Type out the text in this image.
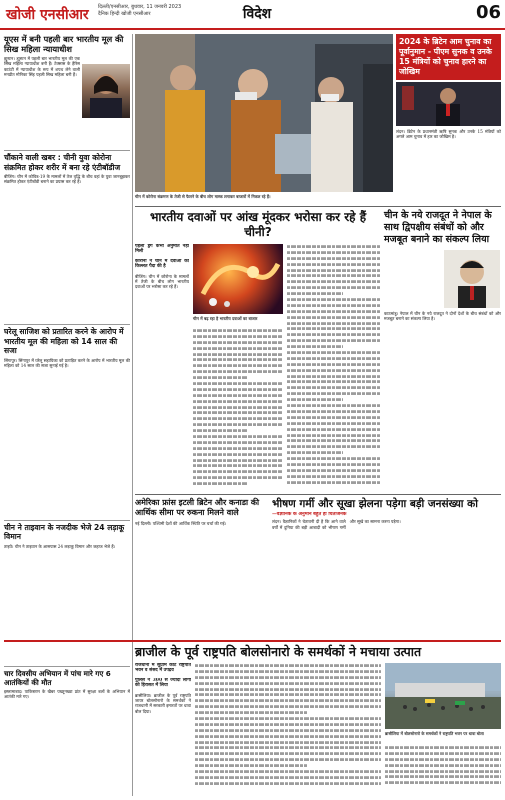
खोजी एनसीआर दिल्ली/एनसीआर, बुधवार, 11 जनवरी 2023
दैनिक हिन्दी खोजी एनसीआर	विदेश	06
यूएस में बनी पहली बार भारतीय मूल की सिख महिला न्यायाधीश
ह्यूस्टन। ह्यूस्टन में पहली बार भारतीय मूल की एक सिख महिला न्यायाधीश बनी हैं। टेक्सास के हैरिस काउंटी में न्यायाधीश के रूप में शपथ लेने वाली मनप्रीत मोनिका सिंह पहली सिख महिला बनी हैं।
चौंकाने वाली खबर : चीनी युवा कोरोना संक्रमित होकर शरीर में बना रहे एंटीबॉडीज
बीजिंग। चीन में कोविड-19 के मामलों में तेज वृद्धि के बीच वहां के युवा जानबूझकर संक्रमित होकर एंटीबॉडी बनाने का प्रयास कर रहे हैं।
घरेलू साजिश को प्रतारित करने के आरोप में भारतीय मूल की महिला को 14 साल की सजा
सिंगापुर। सिंगापुर में घरेलू सहायिका को प्रताड़ित करने के आरोप में भारतीय मूल की महिला को 14 साल की सजा सुनाई गई है।
चीन ने ताइवान के नजदीक भेजे 24 लड़ाकू विमान
ताइपे। चीन ने ताइवान के आसपास 24 लड़ाकू विमान और जहाज भेजे हैं।
चार दिवसीय अभियान में पांच मारे गए 6 आतंकियों की मौत
इस्लामाबाद। पाकिस्तान के खैबर पख्तूनख्वा प्रांत में सुरक्षा बलों के अभियान में आतंकी मारे गए।
चीन में कोरोना संक्रमण के तेजी से फैलने के बीच लोग मास्क लगाकर बाजारों में निकल रहे हैं।
2024 के ब्रिटेन आम चुनाव का पूर्वानुमान - पीएम सुनक व उनके 15 मंत्रियों को चुनाव हारने का जोखिम
लंदन। ब्रिटेन के प्रधानमंत्री ऋषि सुनक और उनके 15 मंत्रियों को अगले आम चुनाव में हार का जोखिम है।
भारतीय दवाओं पर आंख मूंदकर भरोसा कर रहे हैं चीनी?
पहली ड्रग कभी अनुमति नहीं मिली
कोरोना ने चीन में दवाओं की किल्लत पैदा की है
बीजिंग। चीन में कोरोना के मामलों में तेजी के बीच लोग भारतीय दवाओं पर भरोसा कर रहे हैं।
चीन में बढ़ रहा है भारतीय दवाओं का बाजार
चीन के नये राजदूत ने नेपाल के साथ द्विपक्षीय संबंधों को और मजबूत बनाने का संकल्प लिया
काठमांडू। नेपाल में चीन के नये राजदूत ने दोनों देशों के बीच संबंधों को और मजबूत बनाने का संकल्प लिया है।
अमेरिका फ्रांस इटली ब्रिटेन और कनाडा की आर्थिक सीमा पर रुकना मिलने वाले
नई दिल्ली। पश्चिमी देशों की आर्थिक स्थिति पर चर्चा की गई।
भीषण गर्मी और सूखा झेलना पड़ेगा बड़ी जनसंख्या को
—वैज्ञानिक के अनुमान बहुत ही चिंताजनक
लंदन। वैज्ञानिकों ने चेतावनी दी है कि आने वाले वर्षों में दुनिया की बड़ी आबादी को भीषण गर्मी और सूखे का सामना करना पड़ेगा।
ब्राजील के पूर्व राष्ट्रपति बोलसोनारो के समर्थकों ने मचाया उत्पात
राजधानी में सुप्रीम कोर्ट राष्ट्रपति भवन व संसद में उपद्रव
पुलिस ने 300 से ज्यादा लोगों को हिरासत में लिया
ब्रासीलिया। ब्राजील के पूर्व राष्ट्रपति जायर बोलसोनारो के समर्थकों ने राजधानी में सरकारी इमारतों पर धावा बोल दिया।
ब्रासीलिया में बोलसोनारो के समर्थकों ने राष्ट्रपति भवन पर धावा बोला
